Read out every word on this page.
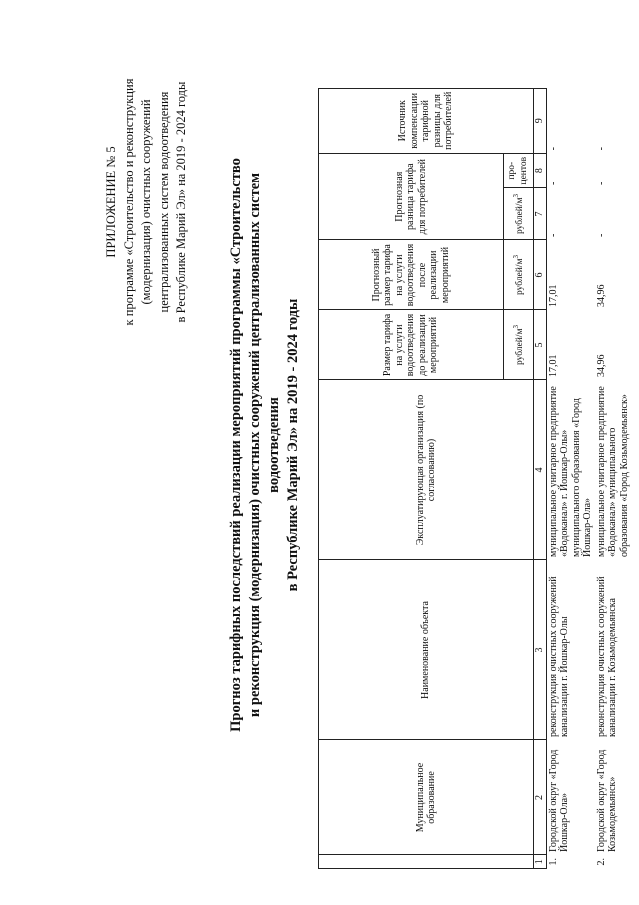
ПРИЛОЖЕНИЕ № 5 к программе «Строительство и реконструкция (модернизация) очистных сооружений централизованных систем водоотведения в Республике Марий Эл» на 2019 - 2024 годы	Прогноз тарифных последствий реализации мероприятий программы «Строительство и реконструкция (модернизация) очистных сооружений централизованных систем водоотведения в Республике Марий Эл» на 2019 - 2024 годы
	Муниципальное образование	Наименование объекта	Эксплуатирующая организация (по согласованию)	Размер тарифа на услуги водоотведения до реализации мероприятий	Прогнозный размер тарифа на услуги водоотведения после реализации мероприятий	Прогнозная разница тарифа для потребителей		Источник компенсации тарифной разницы для потребителей
				рублей/$м^3$	рублей/$м^3$	рублей/$м^3$	про-центов	
1	2	3	4	5	6	7	8	9
1.	Городской округ «Город Йошкар-Ола»	реконструкция очистных сооружений канализации г. Йошкар-Олы	муниципальное унитарное предприятие «Водоканал» г. Йошкар-Олы» муниципального образования «Город Йошкар-Ола»	17,01	17,01	-	-	-
2.	Городской округ «Город Козьмодемьянск»	реконструкция очистных сооружений канализации г. Козьмодемьянска	муниципальное унитарное предприятие «Водоканал» муниципального образования «Город Козьмодемьянск»	34,96	34,96	-	-	-
